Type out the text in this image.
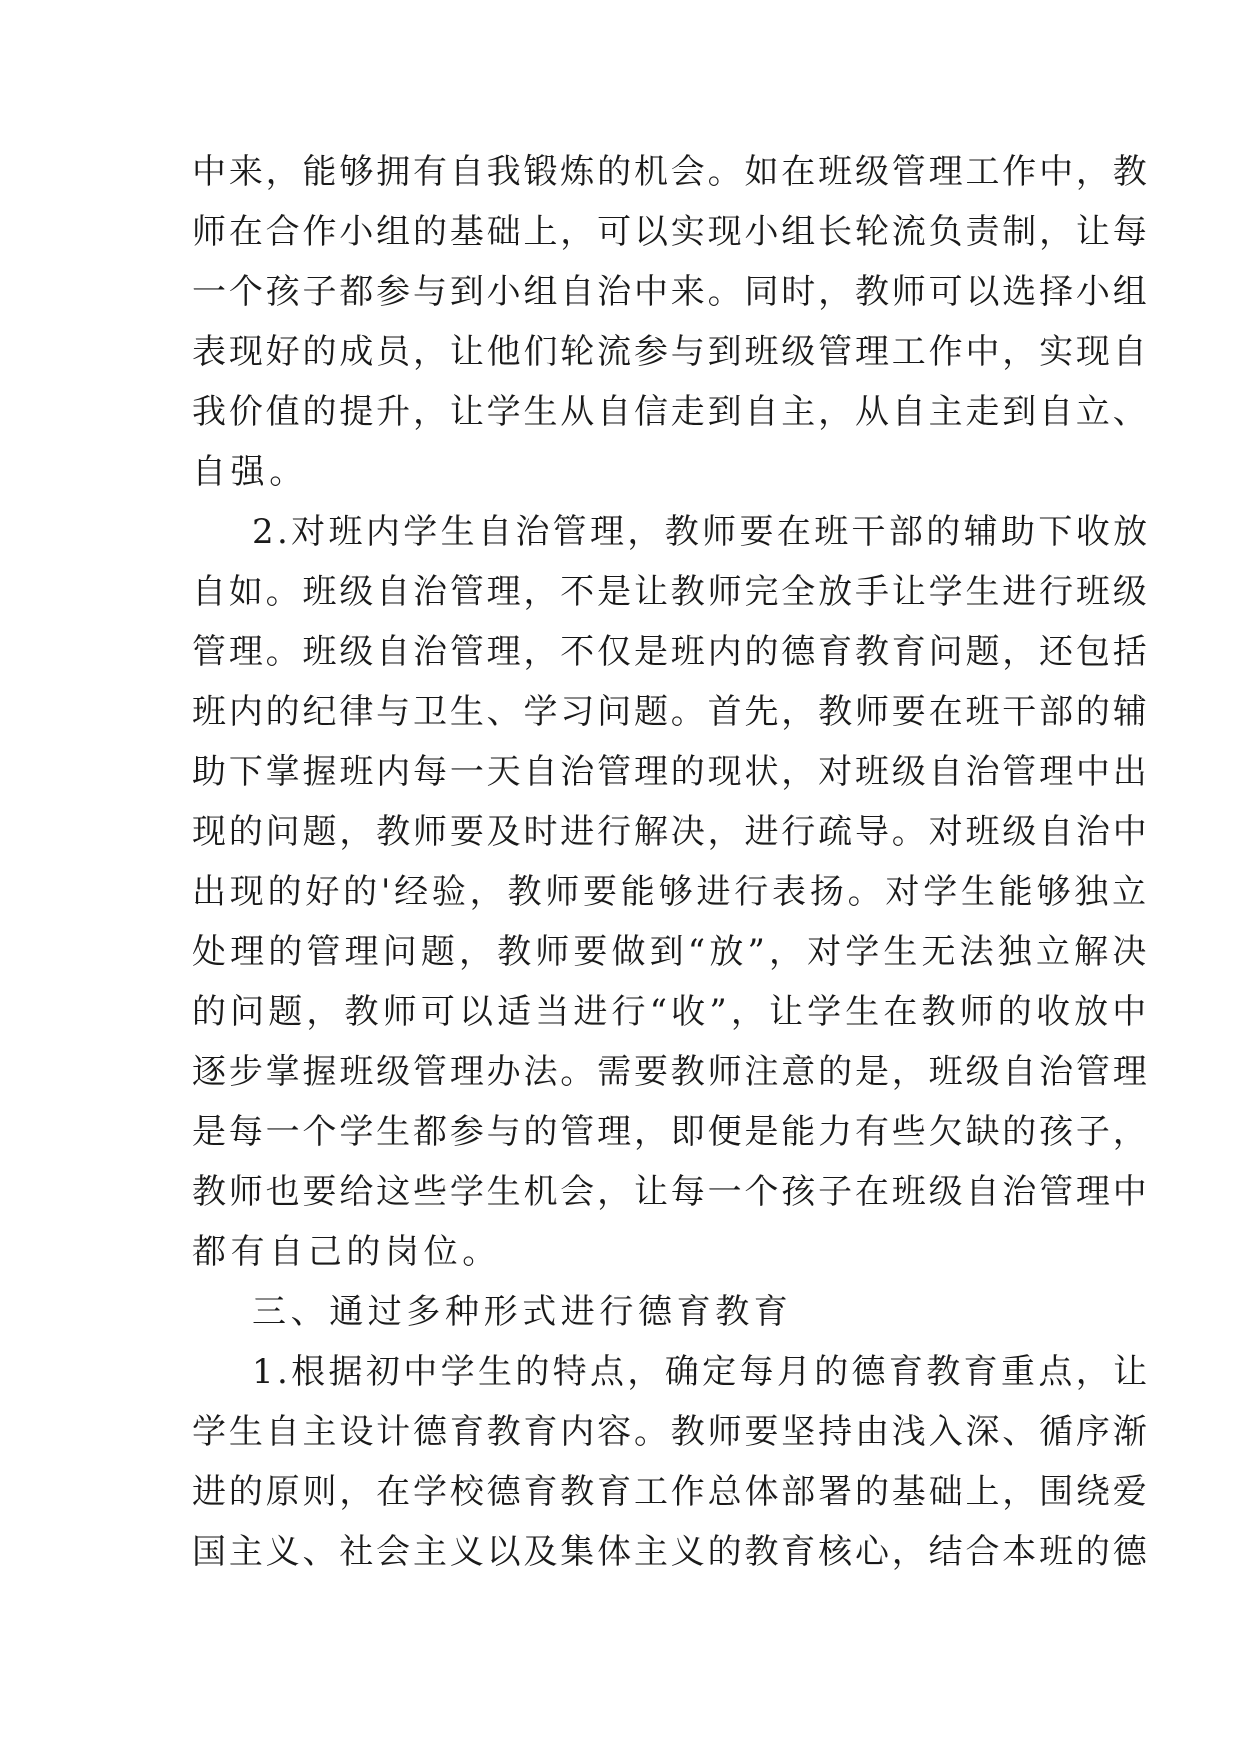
中来，能够拥有自我锻炼的机会。如在班级管理工作中，教
师在合作小组的基础上，可以实现小组长轮流负责制，让每
一个孩子都参与到小组自治中来。同时，教师可以选择小组
表现好的成员，让他们轮流参与到班级管理工作中，实现自
我价值的提升，让学生从自信走到自主，从自主走到自立、
自强。
2.对班内学生自治管理，教师要在班干部的辅助下收放
自如。班级自治管理，不是让教师完全放手让学生进行班级
管理。班级自治管理，不仅是班内的德育教育问题，还包括
班内的纪律与卫生、学习问题。首先，教师要在班干部的辅
助下掌握班内每一天自治管理的现状，对班级自治管理中出
现的问题，教师要及时进行解决，进行疏导。对班级自治中
出现的好的'经验，教师要能够进行表扬。对学生能够独立
处理的管理问题，教师要做到“放”，对学生无法独立解决
的问题，教师可以适当进行“收”，让学生在教师的收放中
逐步掌握班级管理办法。需要教师注意的是，班级自治管理
是每一个学生都参与的管理，即便是能力有些欠缺的孩子，
教师也要给这些学生机会，让每一个孩子在班级自治管理中
都有自己的岗位。
三、通过多种形式进行德育教育
1.根据初中学生的特点，确定每月的德育教育重点，让
学生自主设计德育教育内容。教师要坚持由浅入深、循序渐
进的原则，在学校德育教育工作总体部署的基础上，围绕爱
国主义、社会主义以及集体主义的教育核心，结合本班的德
